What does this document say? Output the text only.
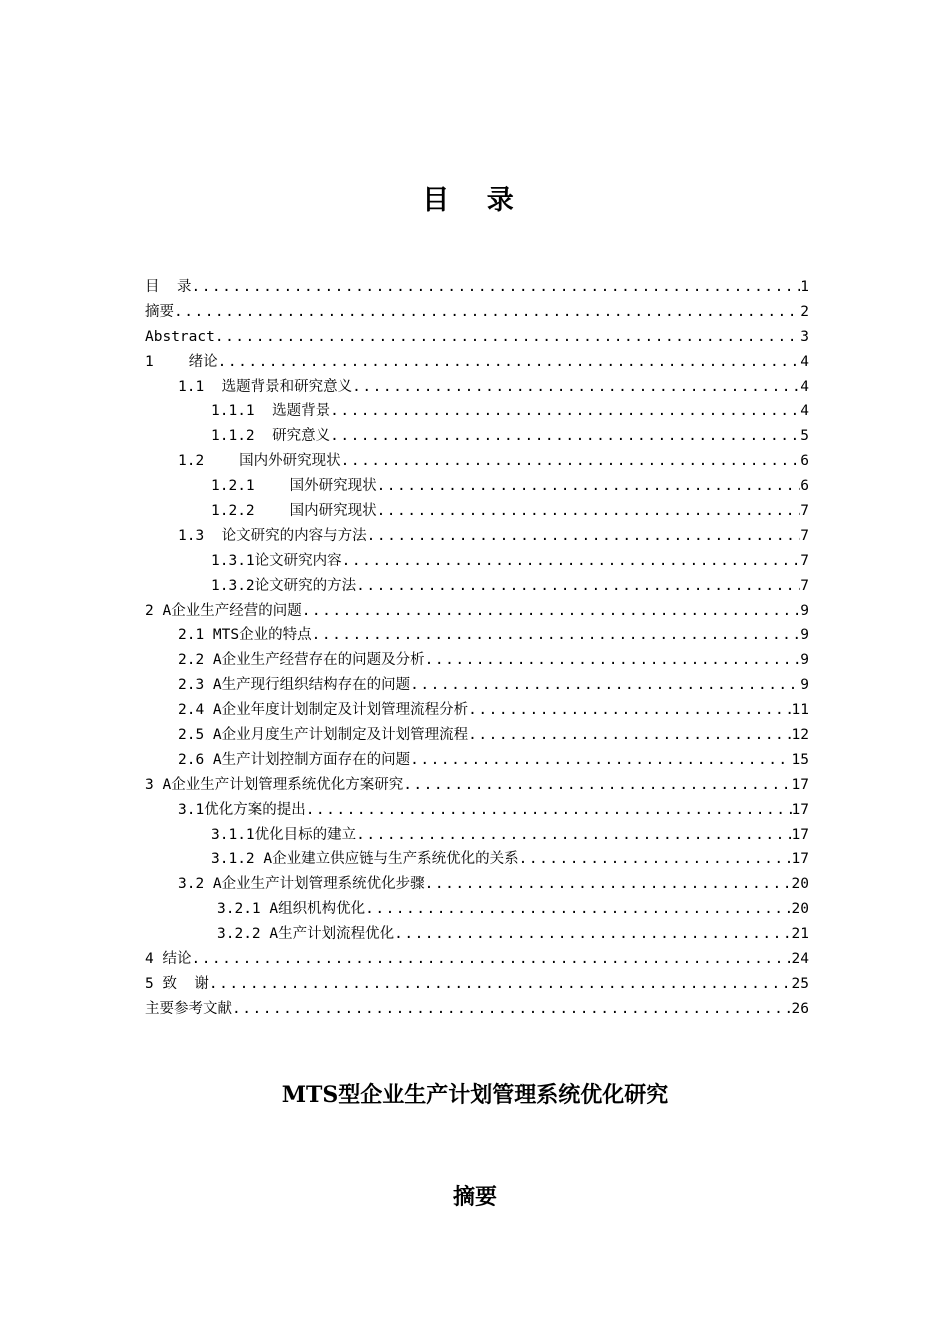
目 录
目  录 .....	1
摘要 .....	2
Abstract .....	3
1    绪论 .....	4
1.1  选题背景和研究意义 .....	4
1.1.1  选题背景 .....	4
1.1.2  研究意义 .....	5
1.2    国内外研究现状 .....	6
1.2.1    国外研究现状 .....	6
1.2.2    国内研究现状 .....	7
1.3  论文研究的内容与方法 .....	7
1.3.1论文研究内容 .....	7
1.3.2论文研究的方法 .....	7
2 A企业生产经营的问题 .....	9
2.1 MTS企业的特点 .....	9
2.2 A企业生产经营存在的问题及分析 .....	9
2.3 A生产现行组织结构存在的问题 .....	9
2.4 A企业年度计划制定及计划管理流程分析 .....	11
2.5 A企业月度生产计划制定及计划管理流程 .....	12
2.6 A生产计划控制方面存在的问题 .....	15
3 A企业生产计划管理系统优化方案研究 .....	17
3.1优化方案的提出 .....	17
3.1.1优化目标的建立 .....	17
3.1.2 A企业建立供应链与生产系统优化的关系 .....	17
3.2 A企业生产计划管理系统优化步骤 .....	20
3.2.1 A组织机构优化 .....	20
3.2.2 A生产计划流程优化 .....	21
4 结论 .....	24
5 致  谢 .....	25
主要参考文献 .....	26
MTS型企业生产计划管理系统优化研究
摘要
